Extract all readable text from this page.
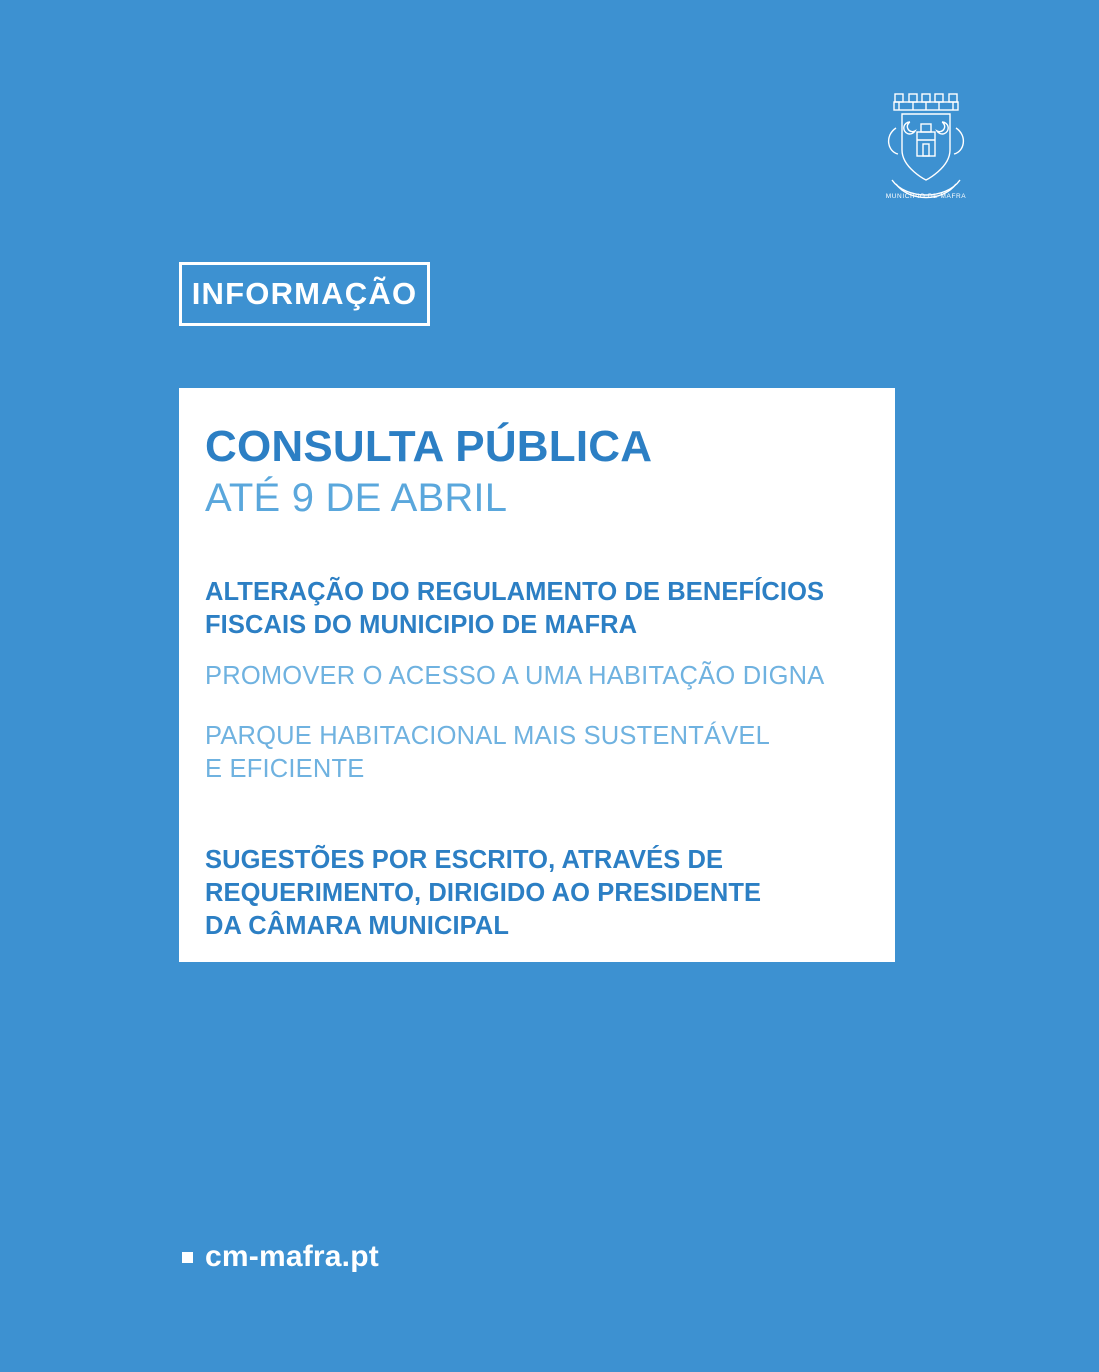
MUNICIPIO DE MAFRA
INFORMAÇÃO
CONSULTA PÚBLICA
ATÉ 9 DE ABRIL
ALTERAÇÃO DO REGULAMENTO DE BENEFÍCIOS
FISCAIS DO MUNICIPIO DE MAFRA
PROMOVER O ACESSO A UMA HABITAÇÃO DIGNA
PARQUE HABITACIONAL MAIS SUSTENTÁVEL
E EFICIENTE
SUGESTÕES POR ESCRITO, ATRAVÉS DE
REQUERIMENTO, DIRIGIDO AO PRESIDENTE
DA CÂMARA MUNICIPAL
cm-mafra.pt
